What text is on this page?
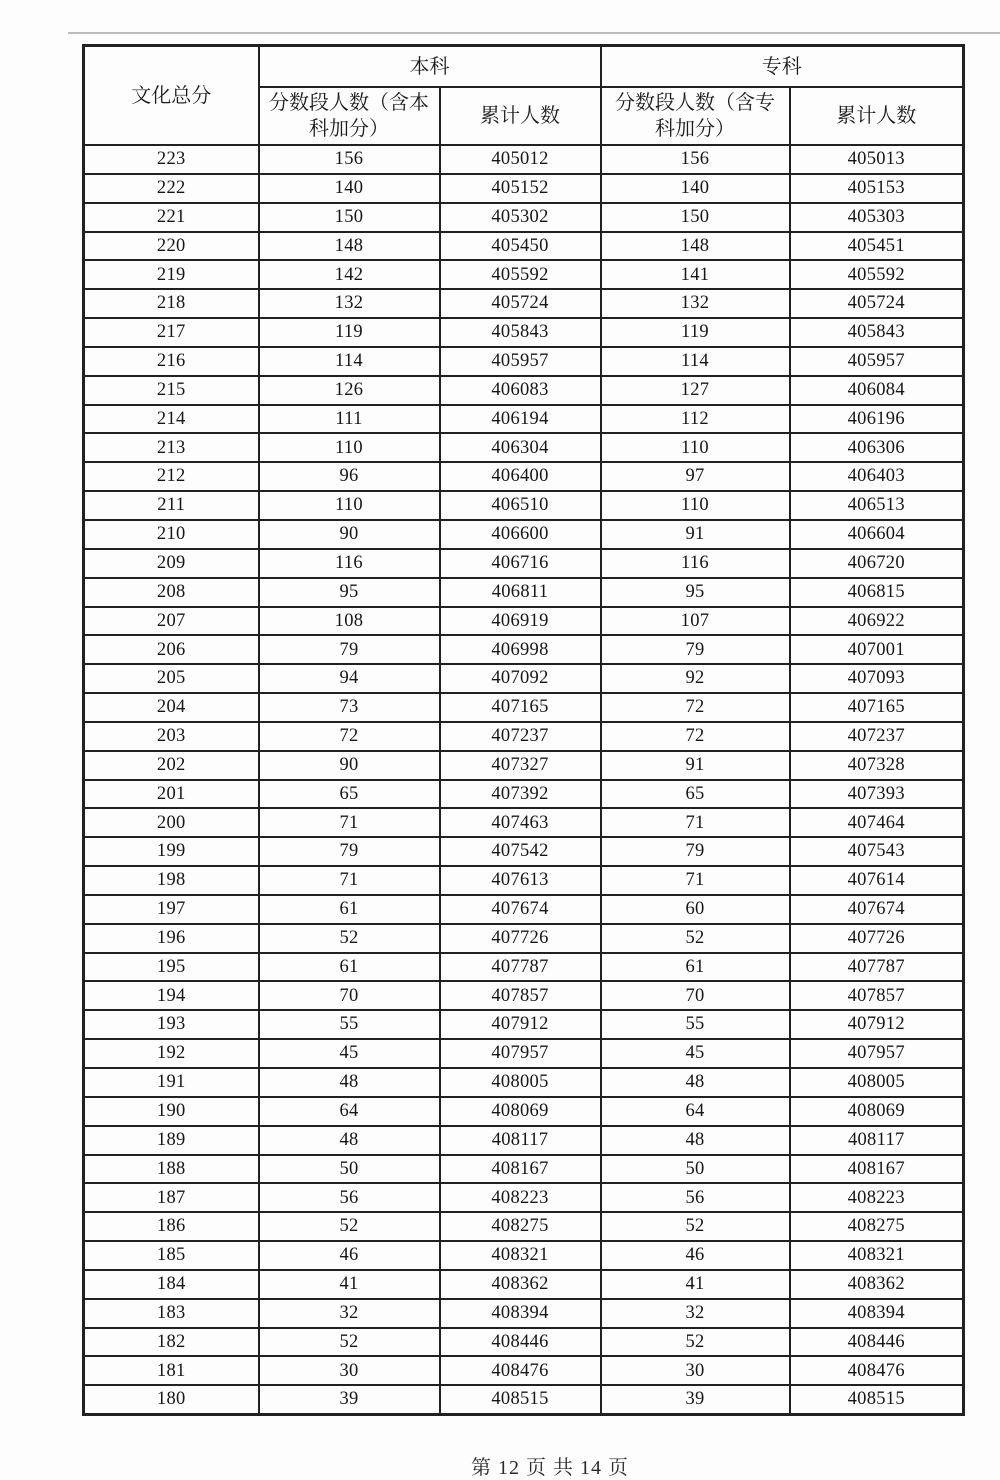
文化总分	本科		专科	
	分数段人数（含本科加分）	累计人数	分数段人数（含专科加分）	累计人数
223	156	405012	156	405013
222	140	405152	140	405153
221	150	405302	150	405303
220	148	405450	148	405451
219	142	405592	141	405592
218	132	405724	132	405724
217	119	405843	119	405843
216	114	405957	114	405957
215	126	406083	127	406084
214	111	406194	112	406196
213	110	406304	110	406306
212	96	406400	97	406403
211	110	406510	110	406513
210	90	406600	91	406604
209	116	406716	116	406720
208	95	406811	95	406815
207	108	406919	107	406922
206	79	406998	79	407001
205	94	407092	92	407093
204	73	407165	72	407165
203	72	407237	72	407237
202	90	407327	91	407328
201	65	407392	65	407393
200	71	407463	71	407464
199	79	407542	79	407543
198	71	407613	71	407614
197	61	407674	60	407674
196	52	407726	52	407726
195	61	407787	61	407787
194	70	407857	70	407857
193	55	407912	55	407912
192	45	407957	45	407957
191	48	408005	48	408005
190	64	408069	64	408069
189	48	408117	48	408117
188	50	408167	50	408167
187	56	408223	56	408223
186	52	408275	52	408275
185	46	408321	46	408321
184	41	408362	41	408362
183	32	408394	32	408394
182	52	408446	52	408446
181	30	408476	30	408476
180	39	408515	39	408515
第 12 页 共 14 页
